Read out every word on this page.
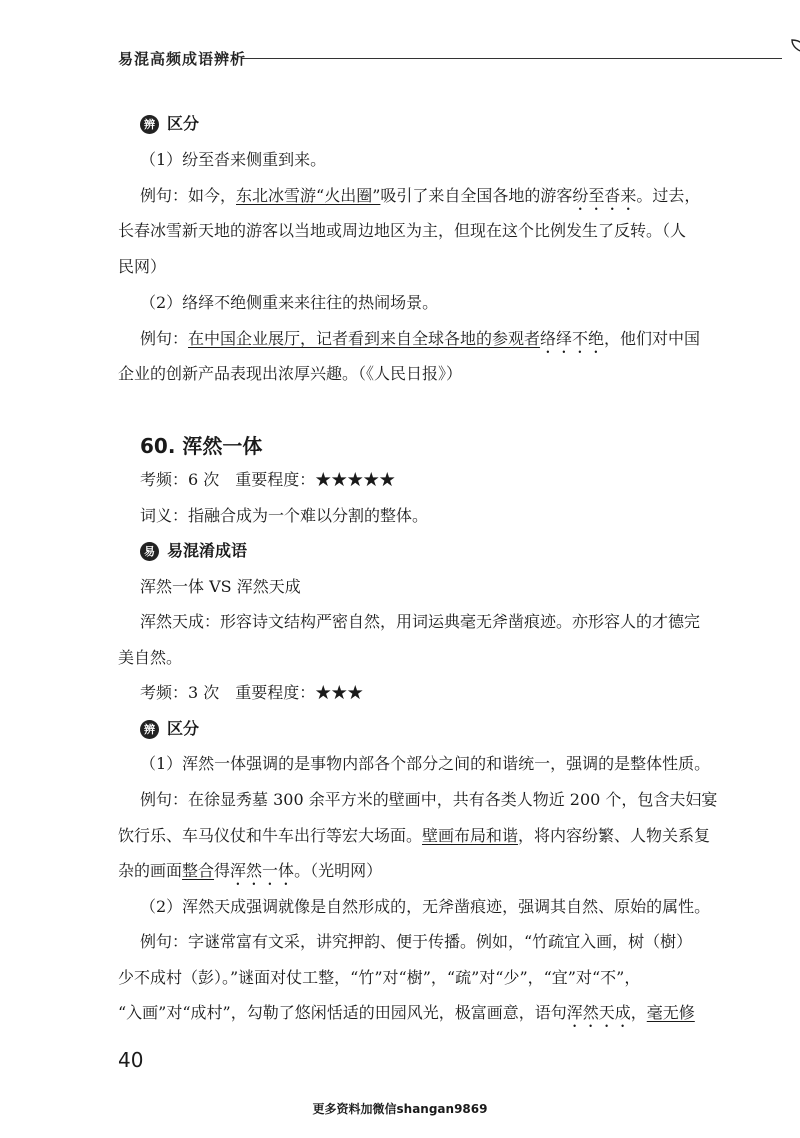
易混高频成语辨析
辨 区分
（1）纷至沓来侧重到来。
例句：如今，东北冰雪游“火出圈”吸引了来自全国各地的游客纷至沓来。过去，
长春冰雪新天地的游客以当地或周边地区为主，但现在这个比例发生了反转。（人
民网）
（2）络绎不绝侧重来来往往的热闹场景。
例句：在中国企业展厅，记者看到来自全球各地的参观者络绎不绝，他们对中国
企业的创新产品表现出浓厚兴趣。（《人民日报》）
60. 浑然一体
考频：6 次　重要程度：★★★★★
词义：指融合成为一个难以分割的整体。
易 易混淆成语
浑然一体 VS 浑然天成
浑然天成：形容诗文结构严密自然，用词运典毫无斧凿痕迹。亦形容人的才德完
美自然。
考频：3 次　重要程度：★★★
辨 区分
（1）浑然一体强调的是事物内部各个部分之间的和谐统一，强调的是整体性质。
例句：在徐显秀墓 300 余平方米的壁画中，共有各类人物近 200 个，包含夫妇宴
饮行乐、车马仪仗和牛车出行等宏大场面。壁画布局和谐，将内容纷繁、人物关系复
杂的画面整合得浑然一体。（光明网）
（2）浑然天成强调就像是自然形成的，无斧凿痕迹，强调其自然、原始的属性。
例句：字谜常富有文采，讲究押韵、便于传播。例如，“竹疏宜入画，树（樹）
少不成村（彭）。”谜面对仗工整，“竹”对“樹”，“疏”对“少”，“宜”对“不”，
“入画”对“成村”，勾勒了悠闲恬适的田园风光，极富画意，语句浑然天成，毫无修
40
更多资料加微信shangan9869
